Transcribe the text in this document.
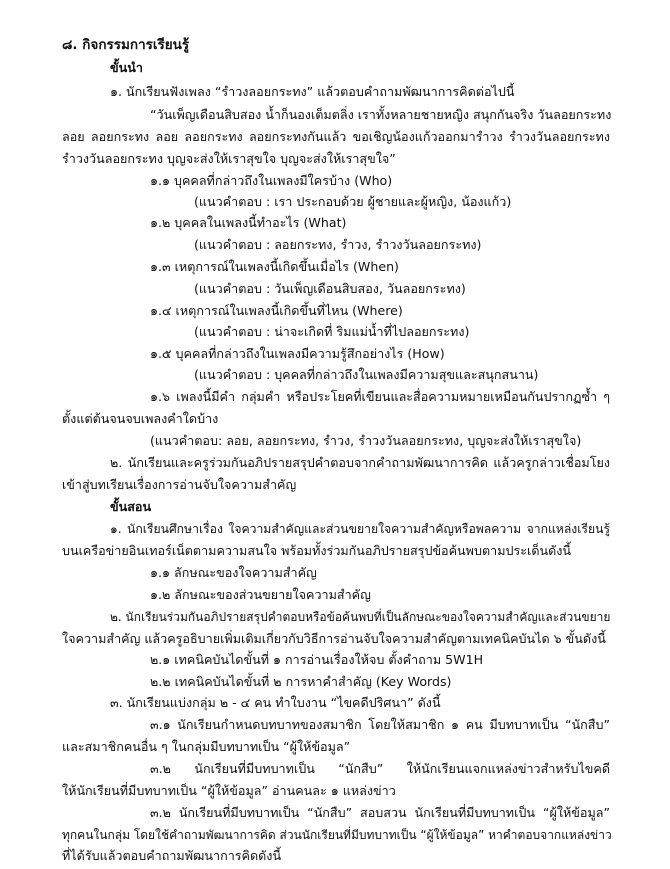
๘. กิจกรรมการเรียนรู้
ขั้นนำ
๑. นักเรียนฟังเพลง “รำวงลอยกระทง” แล้วตอบคำถามพัฒนาการคิดต่อไปนี้
“วันเพ็ญเดือนสิบสอง น้ำก็นองเต็มตลิ่ง เราทั้งหลายชายหญิง สนุกกันจริง วันลอยกระทง
ลอย ลอยกระทง ลอย ลอยกระทง ลอยกระทงกันแล้ว ขอเชิญน้องแก้วออกมารำวง รำวงวันลอยกระทง
รำวงวันลอยกระทง บุญจะส่งให้เราสุขใจ บุญจะส่งให้เราสุขใจ”
๑.๑ บุคคลที่กล่าวถึงในเพลงมีใครบ้าง (Who)
(แนวคำตอบ : เรา ประกอบด้วย ผู้ชายและผู้หญิง, น้องแก้ว)
๑.๒ บุคคลในเพลงนี้ทำอะไร (What)
(แนวคำตอบ : ลอยกระทง, รำวง, รำวงวันลอยกระทง)
๑.๓ เหตุการณ์ในเพลงนี้เกิดขึ้นเมื่อไร (When)
(แนวคำตอบ : วันเพ็ญเดือนสิบสอง, วันลอยกระทง)
๑.๔ เหตุการณ์ในเพลงนี้เกิดขึ้นที่ไหน (Where)
(แนวคำตอบ : น่าจะเกิดที่ ริมแม่น้ำที่ไปลอยกระทง)
๑.๕ บุคคลที่กล่าวถึงในเพลงมีความรู้สึกอย่างไร (How)
(แนวคำตอบ : บุคคลที่กล่าวถึงในเพลงมีความสุขและสนุกสนาน)
๑.๖ เพลงนี้มีคำ กลุ่มคำ หรือประโยคที่เขียนและสื่อความหมายเหมือนกันปรากฏซ้ำ ๆ
ตั้งแต่ต้นจนจบเพลงคำใดบ้าง
(แนวคำตอบ: ลอย, ลอยกระทง, รำวง, รำวงวันลอยกระทง, บุญจะส่งให้เราสุขใจ)
๒. นักเรียนและครูร่วมกันอภิปรายสรุปคำตอบจากคำถามพัฒนาการคิด แล้วครูกล่าวเชื่อมโยง
เข้าสู่บทเรียนเรื่องการอ่านจับใจความสำคัญ
ขั้นสอน
๑. นักเรียนศึกษาเรื่อง ใจความสำคัญและส่วนขยายใจความสำคัญหรือพลความ จากแหล่งเรียนรู้
บนเครือข่ายอินเทอร์เน็ตตามความสนใจ พร้อมทั้งร่วมกันอภิปรายสรุปข้อค้นพบตามประเด็นดังนี้
๑.๑ ลักษณะของใจความสำคัญ
๑.๒ ลักษณะของส่วนขยายใจความสำคัญ
๒. นักเรียนร่วมกันอภิปรายสรุปคำตอบหรือข้อค้นพบที่เป็นลักษณะของใจความสำคัญและส่วนขยาย
ใจความสำคัญ แล้วครูอธิบายเพิ่มเติมเกี่ยวกับวิธีการอ่านจับใจความสำคัญตามเทคนิคบันได ๖ ขั้นดังนี้
๒.๑ เทคนิคบันไดขั้นที่ ๑ การอ่านเรื่องให้จบ ตั้งคำถาม 5W1H
๒.๒ เทคนิคบันไดขั้นที่ ๒ การหาคำสำคัญ (Key Words)
๓. นักเรียนแบ่งกลุ่ม ๒ - ๔ คน ทำใบงาน “ไขคดีปริศนา” ดังนี้
๓.๑ นักเรียนกำหนดบทบาทของสมาชิก โดยให้สมาชิก ๑ คน มีบทบาทเป็น “นักสืบ”
และสมาชิกคนอื่น ๆ ในกลุ่มมีบทบาทเป็น “ผู้ให้ข้อมูล”
๓.๒ นักเรียนที่มีบทบาทเป็น “นักสืบ” ให้นักเรียนแจกแหล่งข่าวสำหรับไขคดี
ให้นักเรียนที่มีบทบาทเป็น “ผู้ให้ข้อมูล” อ่านคนละ ๑ แหล่งข่าว
๓.๒ นักเรียนที่มีบทบาทเป็น “นักสืบ” สอบสวน นักเรียนที่มีบทบาทเป็น “ผู้ให้ข้อมูล”
ทุกคนในกลุ่ม โดยใช้คำถามพัฒนาการคิด ส่วนนักเรียนที่มีบทบาทเป็น “ผู้ให้ข้อมูล” หาคำตอบจากแหล่งข่าว
ที่ได้รับแล้วตอบคำถามพัฒนาการคิดดังนี้
